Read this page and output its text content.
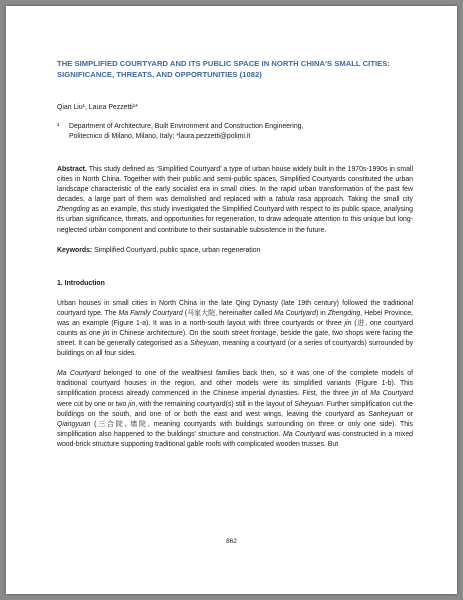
THE SIMPLIFIED COURTYARD AND ITS PUBLIC SPACE IN NORTH CHINA'S SMALL CITIES:
SIGNIFICANCE, THREATS, AND OPPORTUNITIES (1082)

Qian Liu¹, Laura Pezzetti¹*
¹ Department of Architecture, Built Environment and Construction Engineering,
Politecnico di Milano, Milano, Italy; *laura.pezzetti@polimi.it
Abstract. This study defined as ‘Simplified Courtyard’ a type of urban house widely built in the 1970s-1990s in small cities in North China. Together with their public and semi-public spaces, Simplified Courtyards constituted the urban landscape characteristic of the early socialist era in small cities. In the rapid urban transformation of the past few decades, a large part of them was demolished and replaced with a tabula rasa approach. Taking the small city Zhengding as an example, this study investigated the Simplified Courtyard with respect to its public space, analysing its urban significance, threats, and opportunities for regeneration, to draw adequate attention to this unique but long-neglected urban component and contribute to their sustainable subsistence in the future.
Keywords: Simplified Courtyard, public space, urban regeneration
1. Introduction
Urban houses in small cities in North China in the late Qing Dynasty (late 19th century) followed the traditional courtyard type. The Ma Family Courtyard (马家大院, hereinafter called Ma Courtyard) in Zhengding, Hebei Province, was an example (Figure 1-a). It was in a north-south layout with three courtyards or three jin (进, one courtyard counts as one jin in Chinese architecture). On the south street frontage, beside the gate, two shops were facing the street. It can be generally categorised as a Siheyuan, meaning a courtyard (or a series of courtyards) surrounded by buildings on all four sides.
Ma Courtyard belonged to one of the wealthiest families back then, so it was one of the complete models of traditional courtyard houses in the region, and other models were its simplified variants (Figure 1-b). This simplification process already commenced in the Chinese imperial dynasties. First, the three jin of Ma Courtyard were cut by one or two jin, with the remaining courtyard(s) still in the layout of Siheyuan. Further simplification cut the buildings on the south, and one of or both the east and west wings, leaving the courtyard as Sanheyuan or Qiangyuan (三合院, 墙院, meaning courtyards with buildings surrounding on three or only one side). This simplification also happened to the buildings' structure and construction. Ma Courtyard was constructed in a mixed wood-brick structure supporting traditional gable roofs with complicated wooden trusses. But
862
